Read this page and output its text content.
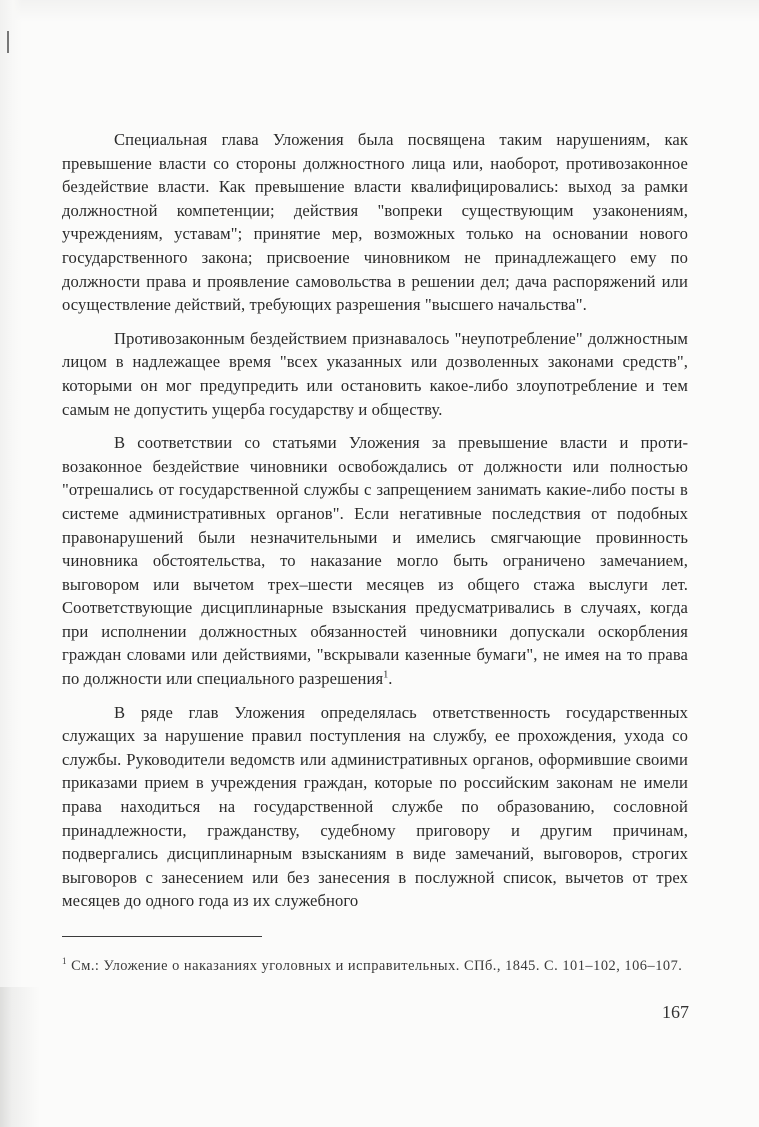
Специальная глава Уложения была посвящена таким нарушениям, как превышение власти со стороны должностного лица или, наоборот, противозаконное бездействие власти. Как превышение власти квалифицировались: выход за рамки должностной компетенции; действия "вопреки существующим узаконениям, учреждениям, уставам"; принятие мер, возможных только на основании нового государственного закона; присвоение чиновником не принадлежащего ему по должности права и проявление самовольства в решении дел; дача распоряжений или осуществление действий, требующих разрешения "высшего начальства".

Противозаконным бездействием признавалось "неупотребление" должностным лицом в надлежащее время "всех указанных или дозволенных законами средств", которыми он мог предупредить или остановить какое-либо злоупотребление и тем самым не допустить ущерба государству и обществу.

В соответствии со статьями Уложения за превышение власти и противозаконное бездействие чиновники освобождались от должности или полностью "отрешались от государственной службы с запрещением занимать какие-либо посты в системе административных органов". Если негативные последствия от подобных правонарушений были незначительными и имелись смягчающие провинность чиновника обстоятельства, то наказание могло быть ограничено замечанием, выговором или вычетом трех–шести месяцев из общего стажа выслуги лет. Соответствующие дисциплинарные взыскания предусматривались в случаях, когда при исполнении должностных обязанностей чиновники допускали оскорбления граждан словами или действиями, "вскрывали казенные бумаги", не имея на то права по должности или специального разрешения$^1$.

В ряде глав Уложения определялась ответственность государственных служащих за нарушение правил поступления на службу, ее прохождения, ухода со службы. Руководители ведомств или административных органов, оформившие своими приказами прием в учреждения граждан, которые по российским законам не имели права находиться на государственной службе по образованию, сословной принадлежности, гражданству, судебному приговору и другим причинам, подвергались дисциплинарным взысканиям в виде замечаний, выговоров, строгих выговоров с занесением или без занесения в послужной список, вычетов от трех месяцев до одного года из их служебного

$^1$ См.: Уложение о наказаниях уголовных и исправительных. СПб., 1845. С. 101–102, 106–107.
167
